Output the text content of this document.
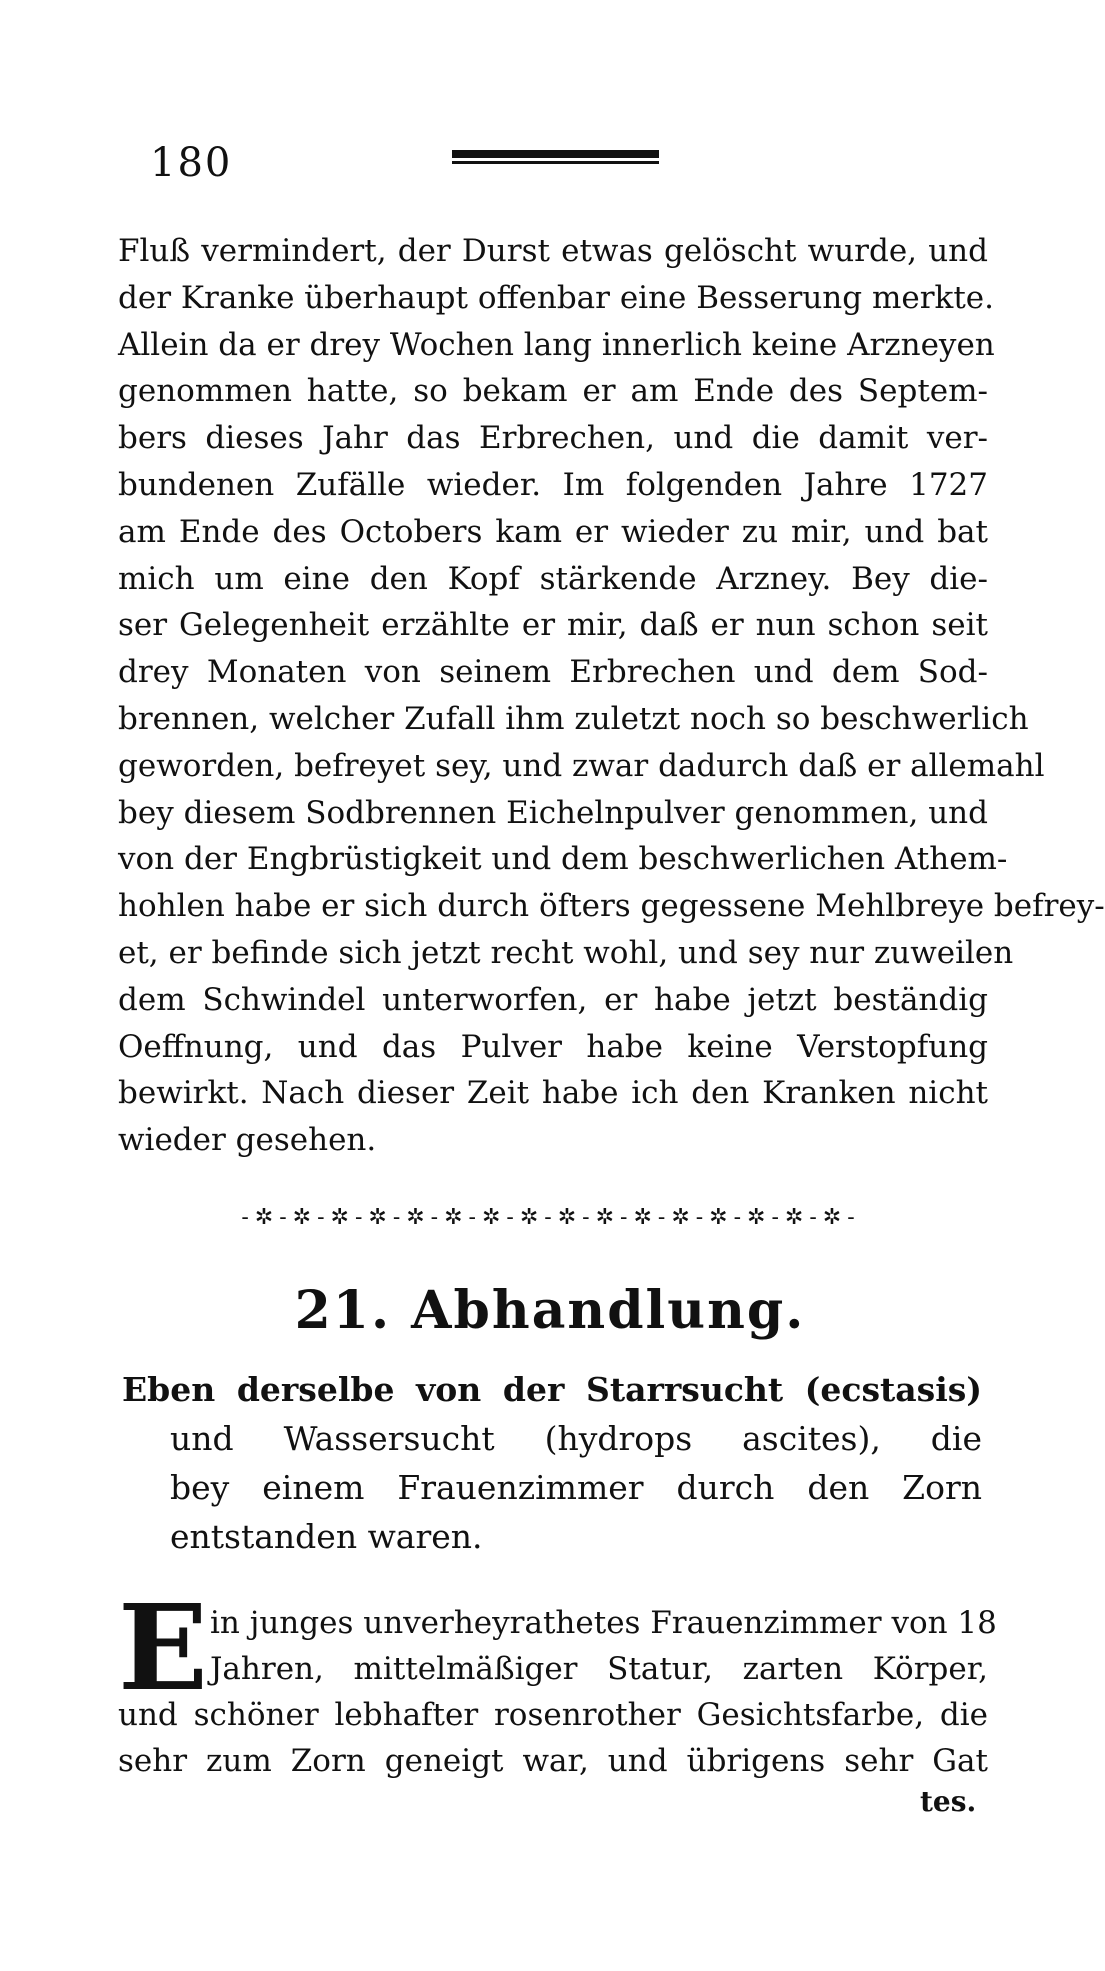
180
Fluß vermindert, der Durst etwas gelöscht wurde, und
der Kranke überhaupt offenbar eine Besserung merkte.
Allein da er drey Wochen lang innerlich keine Arzneyen
genommen hatte, so bekam er am Ende des Septem-
bers dieses Jahr das Erbrechen, und die damit ver-
bundenen Zufälle wieder. Im folgenden Jahre 1727
am Ende des Octobers kam er wieder zu mir, und bat
mich um eine den Kopf stärkende Arzney. Bey die-
ser Gelegenheit erzählte er mir, daß er nun schon seit
drey Monaten von seinem Erbrechen und dem Sod-
brennen, welcher Zufall ihm zuletzt noch so beschwerlich
geworden, befreyet sey, und zwar dadurch daß er allemahl
bey diesem Sodbrennen Eichelnpulver genommen, und
von der Engbrüstigkeit und dem beschwerlichen Athem-
hohlen habe er sich durch öfters gegessene Mehlbreye befrey-
et, er befinde sich jetzt recht wohl, und sey nur zuweilen
dem Schwindel unterworfen, er habe jetzt beständig
Oeffnung, und das Pulver habe keine Verstopfung
bewirkt. Nach dieser Zeit habe ich den Kranken nicht
wieder gesehen.
-✲-✲-✲-✲-✲-✲-✲-✲-✲-✲-✲-✲-✲-✲-✲-✲-
21. Abhandlung.
Eben derselbe von der Starrsucht (ecstasis)
und Wassersucht (hydrops ascites), die
bey einem Frauenzimmer durch den Zorn
entstanden waren.
E in junges unverheyrathetes Frauenzimmer von 18
Jahren, mittelmäßiger Statur, zarten Körper,
und schöner lebhafter rosenrother Gesichtsfarbe, die
sehr zum Zorn geneigt war, und übrigens sehr Gat
tes.
